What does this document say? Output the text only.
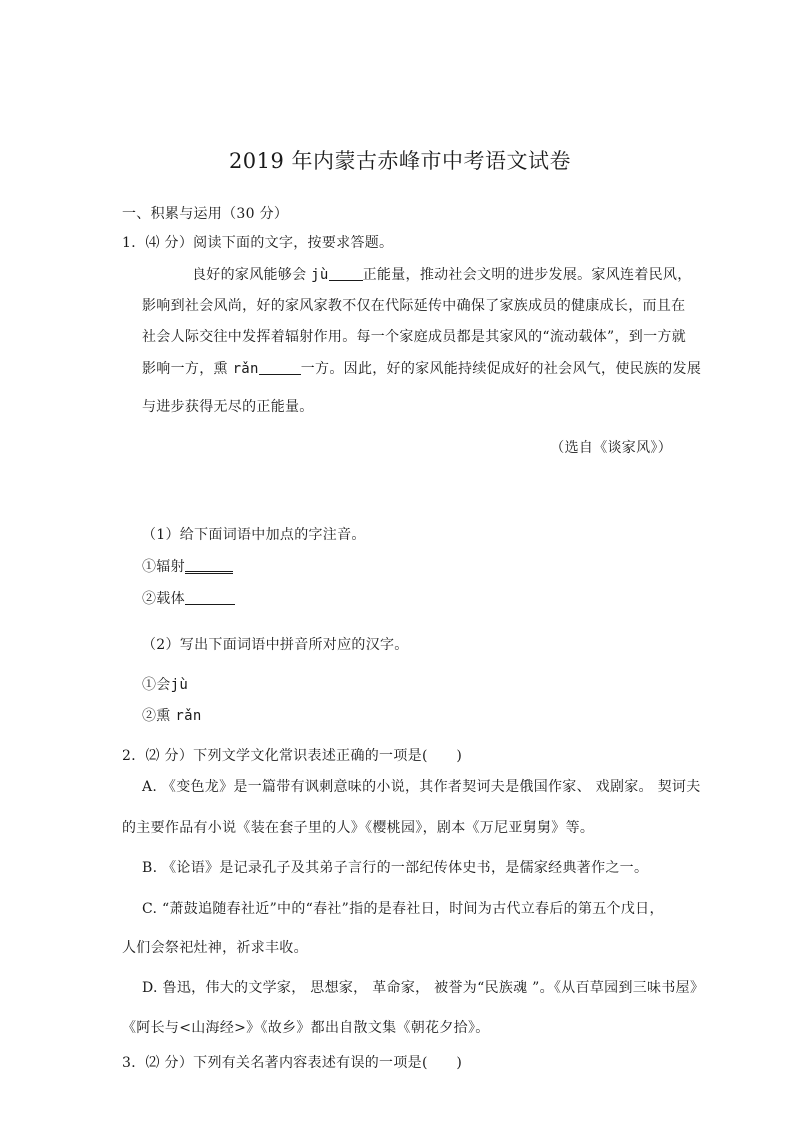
2019 年内蒙古赤峰市中考语文试卷
一、积累与运用（30 分）
1．⑷ 分）阅读下面的文字，按要求答题。
良好的家风能够会 jù 正能量，推动社会文明的进步发展。家风连着民风，
影响到社会风尚，好的家风家教不仅在代际延传中确保了家族成员的健康成长，而且在
社会人际交往中发挥着辐射作用。每一个家庭成员都是其家风的“流动载体”，到一方就
影响一方，熏 rǎn	一方。因此，好的家风能持续促成好的社会风气，使民族的发展
与进步获得无尽的正能量。
（选自《谈家风》）
（1）给下面词语中加点的字注音。
①辐射
②载体
（2）写出下面词语中拼音所对应的汉字。
①会jù
②熏 rǎn
2．⑵ 分）下列文学文化常识表述正确的一项是(　　)
A. 《变色龙》是一篇带有讽刺意味的小说，其作者契诃夫是俄国作家、 戏剧家。 契诃夫
的主要作品有小说《装在套子里的人》《樱桃园》，剧本《万尼亚舅舅》等。
B. 《论语》是记录孔子及其弟子言行的一部纪传体史书，是儒家经典著作之一。
C. “萧鼓追随春社近”中的“春社”指的是春社日，时间为古代立春后的第五个戊日，
人们会祭祀灶神，祈求丰收。
D. 鲁迅，伟大的文学家， 思想家， 革命家， 被誉为“民族魂 ”。《从百草园到三味书屋》
《阿长与<山海经>》《故乡》都出自散文集《朝花夕拾》。
3．⑵ 分）下列有关名著内容表述有误的一项是(　　)
